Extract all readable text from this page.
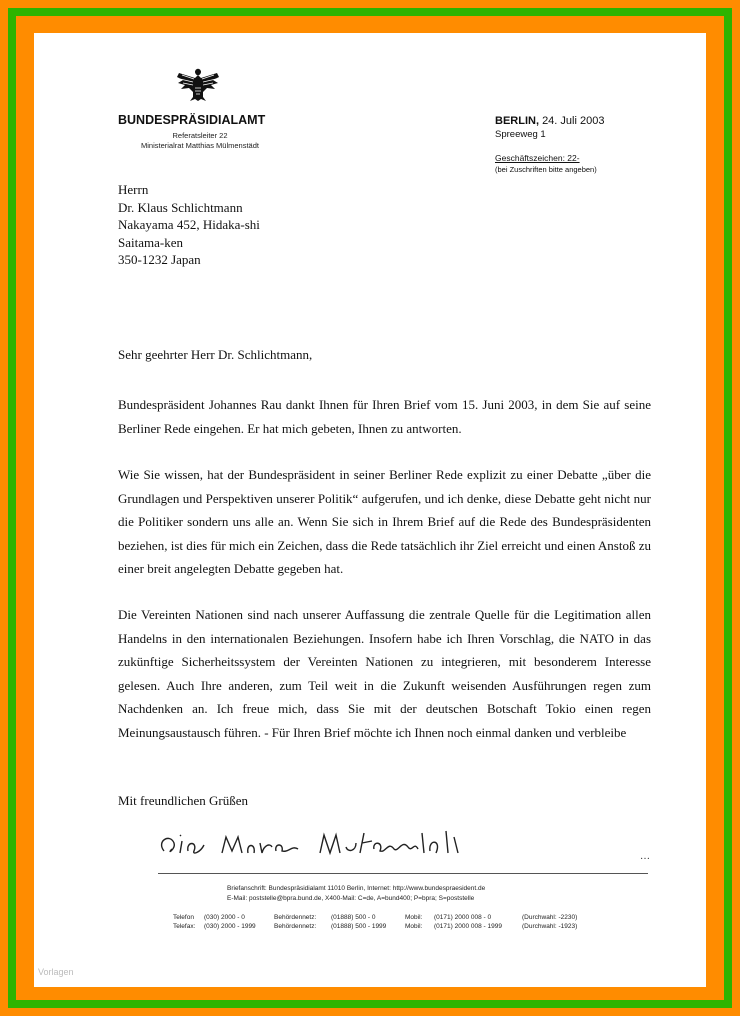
BUNDESPRÄSIDIALAMT
Referatsleiter 22
Ministerialrat Matthias Mülmenstädt
BERLIN, 24. Juli 2003
Spreeweg 1
Geschäftszeichen: 22-
(bei Zuschriften bitte angeben)
Herrn
Dr. Klaus Schlichtmann
Nakayama 452, Hidaka-shi
Saitama-ken
350-1232 Japan
Sehr geehrter Herr Dr. Schlichtmann,

Bundespräsident Johannes Rau dankt Ihnen für Ihren Brief vom 15. Juni 2003, in dem Sie auf seine Berliner Rede eingehen. Er hat mich gebeten, Ihnen zu antworten.

Wie Sie wissen, hat der Bundespräsident in seiner Berliner Rede explizit zu einer Debatte „über die Grundlagen und Perspektiven unserer Politik“ aufgerufen, und ich denke, diese Debatte geht nicht nur die Politiker sondern uns alle an. Wenn Sie sich in Ihrem Brief auf die Rede des Bundespräsidenten beziehen, ist dies für mich ein Zeichen, dass die Rede tatsächlich ihr Ziel erreicht und einen Anstoß zu einer breit angelegten Debatte gegeben hat.

Die Vereinten Nationen sind nach unserer Auffassung die zentrale Quelle für die Legitimation allen Handelns in den internationalen Beziehungen. Insofern habe ich Ihren Vorschlag, die NATO in das zukünftige Sicherheitssystem der Vereinten Nationen zu integrieren, mit besonderem Interesse gelesen. Auch Ihre anderen, zum Teil weit in die Zukunft weisenden Ausführungen regen zum Nachdenken an. Ich freue mich, dass Sie mit der deutschen Botschaft Tokio einen regen Meinungsaustausch führen. - Für Ihren Brief möchte ich Ihnen noch einmal danken und verbleibe

Mit freundlichen Grüßen
…
Briefanschrift: Bundespräsidialamt 11010 Berlin, Internet: http://www.bundespraesident.de
E-Mail: poststelle@bpra.bund.de, X400-Mail: C=de, A=bund400; P=bpra; S=poststelle
Telefon (030) 2000 - 0	Behördennetz: (01888) 500 - 0	Mobil: (0171) 2000 008 - 0	(Durchwahl: -2230)
Telefax: (030) 2000 - 1999	Behördennetz: (01888) 500 - 1999	Mobil: (0171) 2000 008 - 1999	(Durchwahl: -1923)
Vorlagen
